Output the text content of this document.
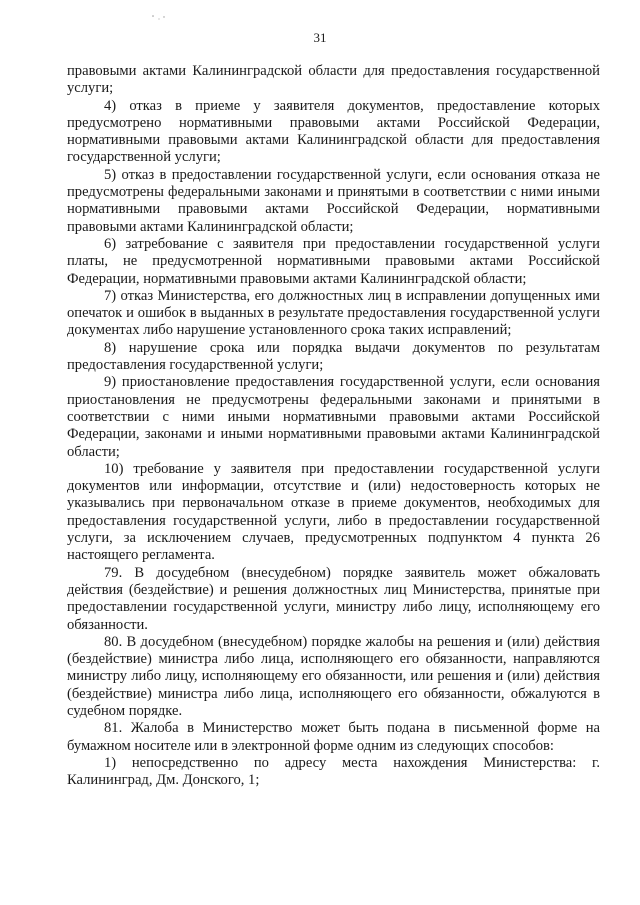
31

правовыми актами Калининградской области для предоставления государственной услуги;

4) отказ в приеме у заявителя документов, предоставление которых предусмотрено нормативными правовыми актами Российской Федерации, нормативными правовыми актами Калининградской области для предоставления государственной услуги;

5) отказ в предоставлении государственной услуги, если основания отказа не предусмотрены федеральными законами и принятыми в соответствии с ними иными нормативными правовыми актами Российской Федерации, нормативными правовыми актами Калининградской области;

6) затребование с заявителя при предоставлении государственной услуги платы, не предусмотренной нормативными правовыми актами Российской Федерации, нормативными правовыми актами Калининградской области;

7) отказ Министерства, его должностных лиц в исправлении допущенных ими опечаток и ошибок в выданных в результате предоставления государственной услуги документах либо нарушение установленного срока таких исправлений;

8) нарушение срока или порядка выдачи документов по результатам предоставления государственной услуги;

9) приостановление предоставления государственной услуги, если основания приостановления не предусмотрены федеральными законами и принятыми в соответствии с ними иными нормативными правовыми актами Российской Федерации, законами и иными нормативными правовыми актами Калининградской области;

10) требование у заявителя при предоставлении государственной услуги документов или информации, отсутствие и (или) недостоверность которых не указывались при первоначальном отказе в приеме документов, необходимых для предоставления государственной услуги, либо в предоставлении государственной услуги, за исключением случаев, предусмотренных подпунктом 4 пункта 26 настоящего регламента.

79. В досудебном (внесудебном) порядке заявитель может обжаловать действия (бездействие) и решения должностных лиц Министерства, принятые при предоставлении государственной услуги, министру либо лицу, исполняющему его обязанности.

80. В досудебном (внесудебном) порядке жалобы на решения и (или) действия (бездействие) министра либо лица, исполняющего его обязанности, направляются министру либо лицу, исполняющему его обязанности, или решения и (или) действия (бездействие) министра либо лица, исполняющего его обязанности, обжалуются в судебном порядке.

81. Жалоба в Министерство может быть подана в письменной форме на бумажном носителе или в электронной форме одним из следующих способов:

1) непосредственно по адресу места нахождения Министерства: г. Калининград, Дм. Донского, 1;
